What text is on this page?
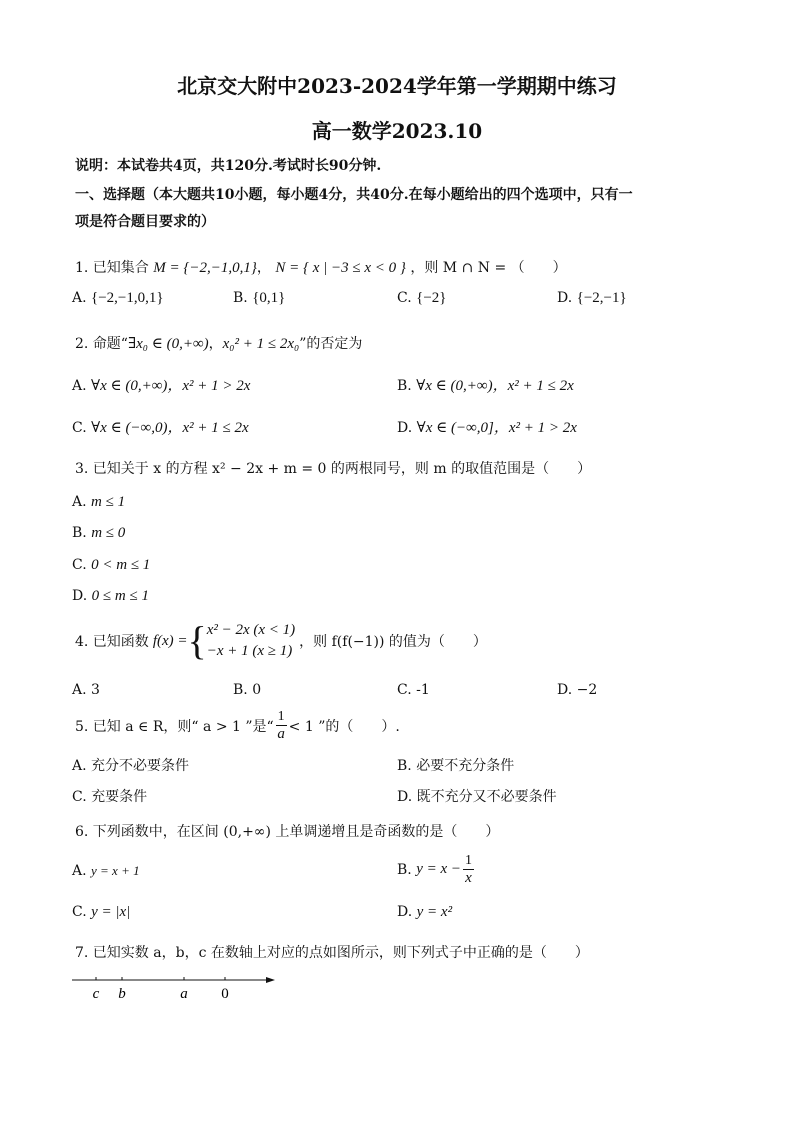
北京交大附中2023-2024学年第一学期期中练习
高一数学2023.10
说明：本试卷共4页，共120分.考试时长90分钟.
一、选择题（本大题共10小题，每小题4分，共40分.在每小题给出的四个选项中，只有一
项是符合题目要求的）
1. 已知集合 M = {−2,−1,0,1}， N = { x | −3 ≤ x < 0 } ，则 M ∩ N = （　　）
A. {−2,−1,0,1}	B. {0,1}	C. {−2}	D. {−2,−1}
2. 命题“∃x₀ ∈ (0,+∞)，x₀² + 1 ≤ 2x₀”的否定为
A. ∀x ∈ (0,+∞)，x² + 1 > 2x	B. ∀x ∈ (0,+∞)，x² + 1 ≤ 2x
C. ∀x ∈ (−∞,0)，x² + 1 ≤ 2x	D. ∀x ∈ (−∞,0]，x² + 1 > 2x
3. 已知关于 x 的方程 x² − 2x + m = 0 的两根同号，则 m 的取值范围是（　　）
A. m ≤ 1
B. m ≤ 0
C. 0 < m ≤ 1
D. 0 ≤ m ≤ 1
4. 已知函数 f(x) = { x² − 2x (x < 1)
−x + 1 (x ≥ 1)
，则 f(f(−1)) 的值为（　　）
A. 3	B. 0	C. -1	D. −2
5. 已知 a ∈ R，则“ a > 1 ”是“ $\frac{1}{a} < 1$ ”的（　　）.
A. 充分不必要条件	B. 必要不充分条件
C. 充要条件	D. 既不充分又不必要条件
6. 下列函数中，在区间 (0,+∞) 上单调递增且是奇函数的是（　　）
A. y = x + 1	B.
$y = x - \frac{1}{x}$
C. y = |x|	D. y = x²
7. 已知实数 a，b，c 在数轴上对应的点如图所示，则下列式子中正确的是（　　）
c b	a 0
